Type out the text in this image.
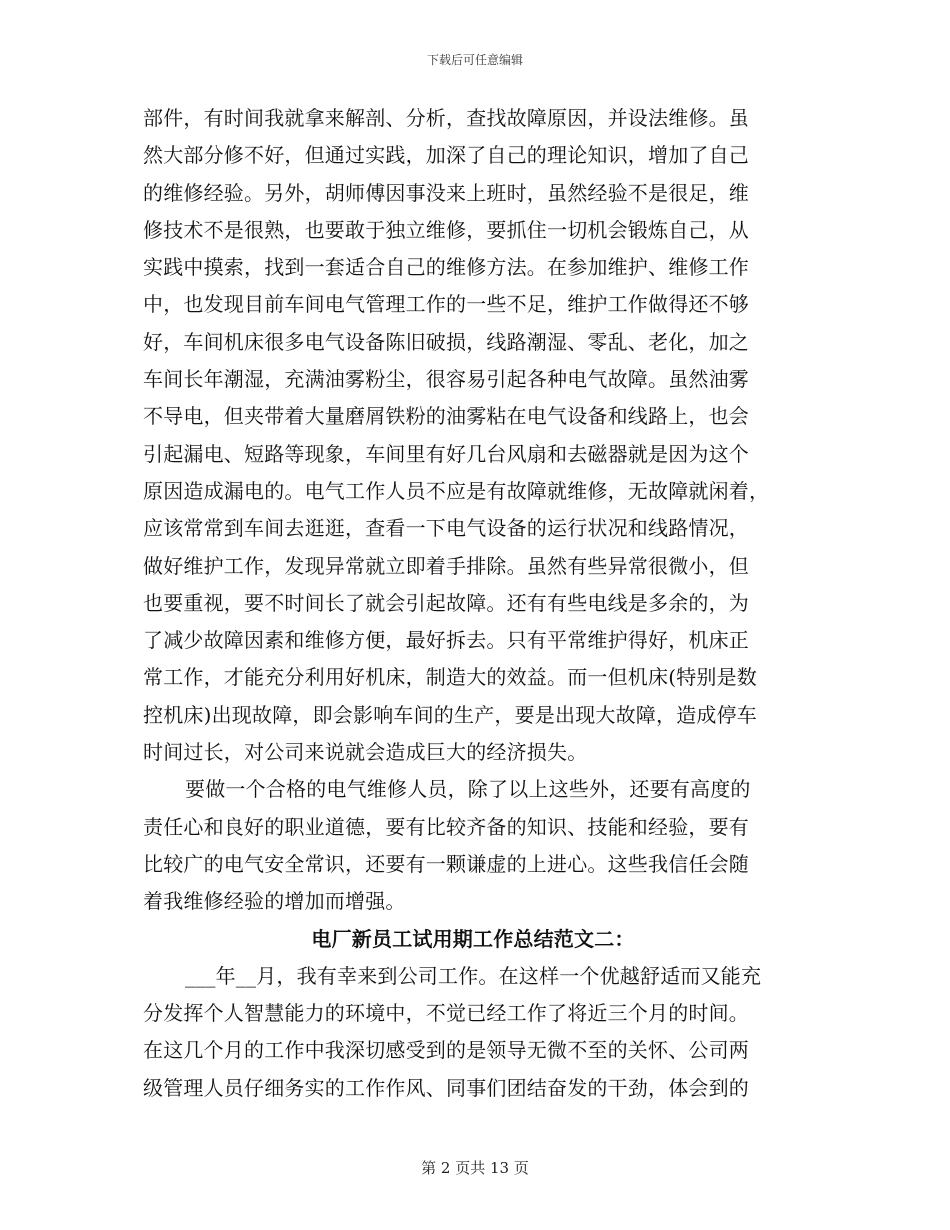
下载后可任意编辑
部件，有时间我就拿来解剖、分析，查找故障原因，并设法维修。虽
然大部分修不好，但通过实践，加深了自己的理论知识，增加了自己
的维修经验。另外，胡师傅因事没来上班时，虽然经验不是很足，维
修技术不是很熟，也要敢于独立维修，要抓住一切机会锻炼自己，从
实践中摸索，找到一套适合自己的维修方法。在参加维护、维修工作
中，也发现目前车间电气管理工作的一些不足，维护工作做得还不够
好，车间机床很多电气设备陈旧破损，线路潮湿、零乱、老化，加之
车间长年潮湿，充满油雾粉尘，很容易引起各种电气故障。虽然油雾
不导电，但夹带着大量磨屑铁粉的油雾粘在电气设备和线路上，也会
引起漏电、短路等现象，车间里有好几台风扇和去磁器就是因为这个
原因造成漏电的。电气工作人员不应是有故障就维修，无故障就闲着，
应该常常到车间去逛逛，查看一下电气设备的运行状况和线路情况，
做好维护工作，发现异常就立即着手排除。虽然有些异常很微小，但
也要重视，要不时间长了就会引起故障。还有有些电线是多余的，为
了减少故障因素和维修方便，最好拆去。只有平常维护得好，机床正
常工作，才能充分利用好机床，制造大的效益。而一但机床(特别是数
控机床)出现故障，即会影响车间的生产，要是出现大故障，造成停车
时间过长，对公司来说就会造成巨大的经济损失。
要做一个合格的电气维修人员，除了以上这些外，还要有高度的
责任心和良好的职业道德，要有比较齐备的知识、技能和经验，要有
比较广的电气安全常识，还要有一颗谦虚的上进心。这些我信任会随
着我维修经验的增加而增强。
电厂新员工试用期工作总结范文二：
___年__月，我有幸来到公司工作。在这样一个优越舒适而又能充
分发挥个人智慧能力的环境中，不觉已经工作了将近三个月的时间。
在这几个月的工作中我深切感受到的是领导无微不至的关怀、公司两
级管理人员仔细务实的工作作风、同事们团结奋发的干劲，体会到的
第 2 页共 13 页
